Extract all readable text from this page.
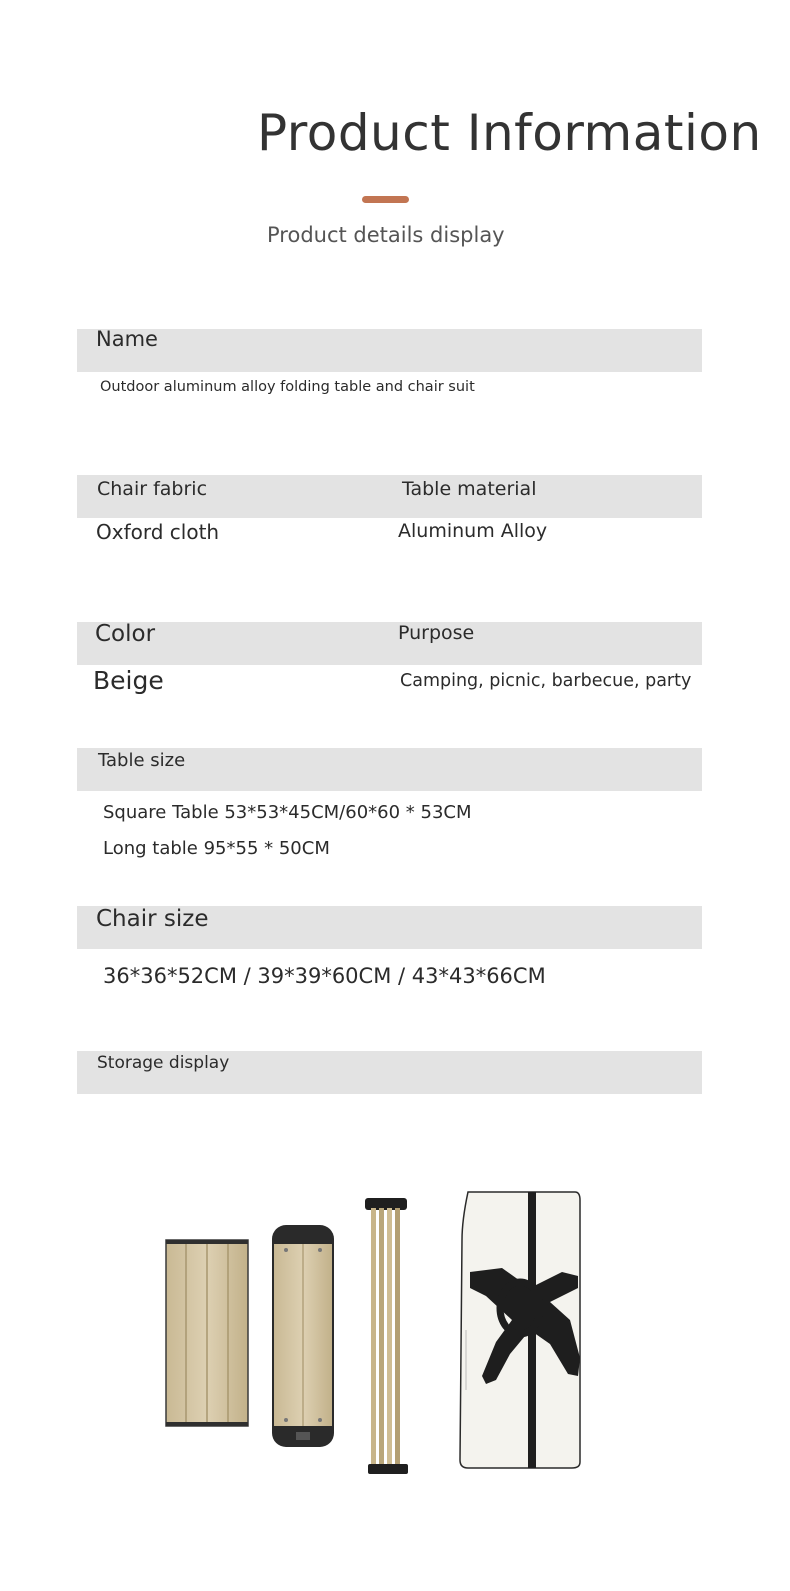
Product Information
Product details display
Name
Outdoor aluminum alloy folding table and chair suit
Chair fabric	Table material
Oxford cloth	Aluminum Alloy
Color	Purpose
Beige	Camping, picnic, barbecue, party
Table size
Square Table 53*53*45CM/60*60 * 53CM
Long table 95*55 * 50CM
Chair size
36*36*52CM / 39*39*60CM / 43*43*66CM
Storage display
